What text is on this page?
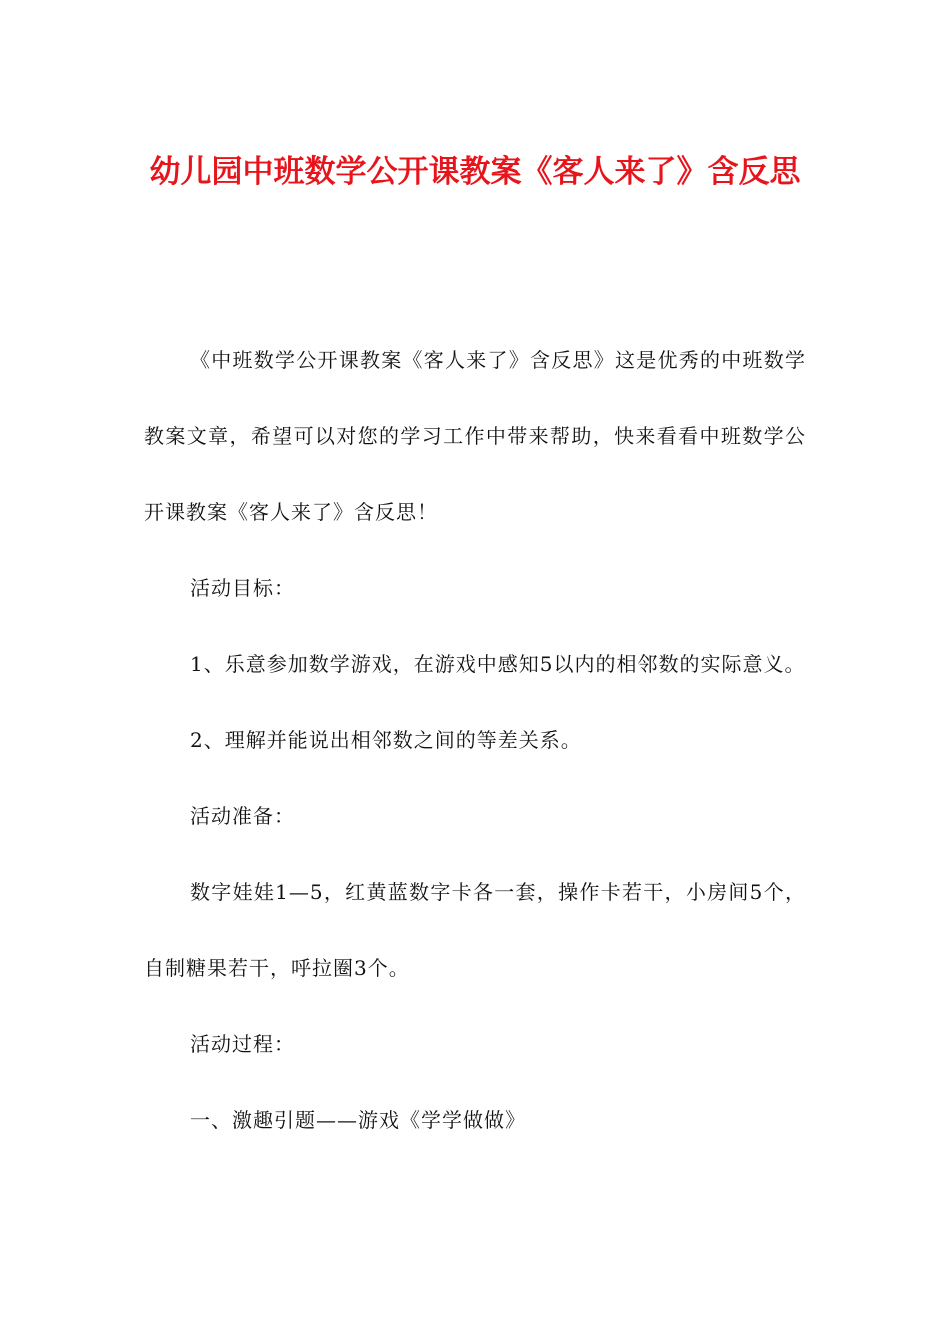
幼儿园中班数学公开课教案《客人来了》含反思

《中班数学公开课教案《客人来了》含反思》这是优秀的中班数学教案文章，希望可以对您的学习工作中带来帮助，快来看看中班数学公开课教案《客人来了》含反思！

活动目标：

1、乐意参加数学游戏，在游戏中感知5以内的相邻数的实际意义。

2、理解并能说出相邻数之间的等差关系。

活动准备：

数字娃娃1—5，红黄蓝数字卡各一套，操作卡若干，小房间5个，自制糖果若干，呼拉圈3个。

活动过程：

一、激趣引题——游戏《学学做做》
